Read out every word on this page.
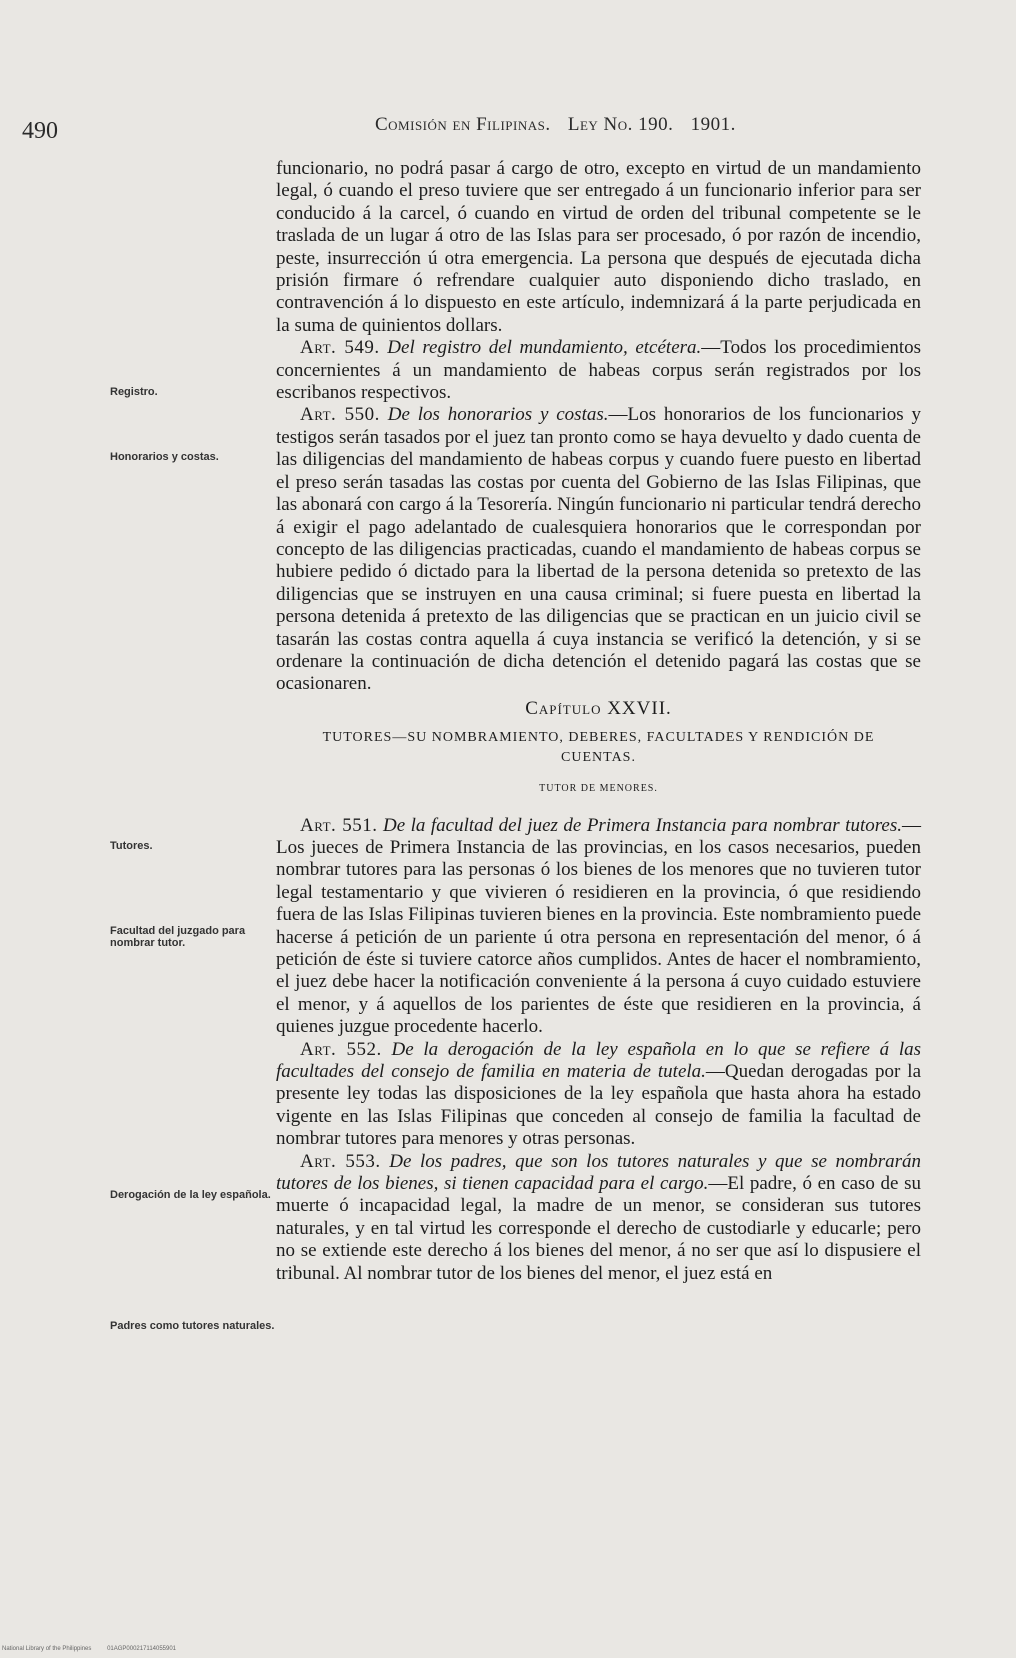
490	Comisión en Filipinas. Ley No. 190. 1901.
Registro.
Honorarios y costas.
Tutores.
Facultad del juzgado para nombrar tutor.
Derogación de la ley española.
Padres como tutores naturales.

funcionario, no podrá pasar á cargo de otro, excepto en virtud de un mandamiento legal, ó cuando el preso tuviere que ser entregado á un funcionario inferior para ser conducido á la carcel, ó cuando en virtud de orden del tribunal competente se le traslada de un lugar á otro de las Islas para ser procesado, ó por razón de incendio, peste, insurrección ú otra emergencia. La persona que después de ejecutada dicha prisión firmare ó refrendare cualquier auto disponiendo dicho traslado, en contravención á lo dispuesto en este artículo, indemnizará á la parte perjudicada en la suma de quinientos dollars.

Art. 549. Del registro del mundamiento, etcétera.—Todos los procedimientos concernientes á un mandamiento de habeas corpus serán registrados por los escribanos respectivos.

Art. 550. De los honorarios y costas.—Los honorarios de los funcionarios y testigos serán tasados por el juez tan pronto como se haya devuelto y dado cuenta de las diligencias del mandamiento de habeas corpus y cuando fuere puesto en libertad el preso serán tasadas las costas por cuenta del Gobierno de las Islas Filipinas, que las abonará con cargo á la Tesorería. Ningún funcionario ni particular tendrá derecho á exigir el pago adelantado de cualesquiera honorarios que le correspondan por concepto de las diligencias practicadas, cuando el mandamiento de habeas corpus se hubiere pedido ó dictado para la libertad de la persona detenida so pretexto de las diligencias que se instruyen en una causa criminal; si fuere puesta en libertad la persona detenida á pretexto de las diligencias que se practican en un juicio civil se tasarán las costas contra aquella á cuya instancia se verificó la detención, y si se ordenare la continuación de dicha detención el detenido pagará las costas que se ocasionaren.

Capítulo XXVII.
TUTORES—SU NOMBRAMIENTO, DEBERES, FACULTADES Y RENDICIÓN DE CUENTAS.
TUTOR DE MENORES.

Art. 551. De la facultad del juez de Primera Instancia para nombrar tutores.—Los jueces de Primera Instancia de las provincias, en los casos necesarios, pueden nombrar tutores para las personas ó los bienes de los menores que no tuvieren tutor legal testamentario y que vivieren ó residieren en la provincia, ó que residiendo fuera de las Islas Filipinas tuvieren bienes en la provincia. Este nombramiento puede hacerse á petición de un pariente ú otra persona en representación del menor, ó á petición de éste si tuviere catorce años cumplidos. Antes de hacer el nombramiento, el juez debe hacer la notificación conveniente á la persona á cuyo cuidado estuviere el menor, y á aquellos de los parientes de éste que residieren en la provincia, á quienes juzgue procedente hacerlo.

Art. 552. De la derogación de la ley española en lo que se refiere á las facultades del consejo de familia en materia de tutela.—Quedan derogadas por la presente ley todas las disposiciones de la ley española que hasta ahora ha estado vigente en las Islas Filipinas que conceden al consejo de familia la facultad de nombrar tutores para menores y otras personas.

Art. 553. De los padres, que son los tutores naturales y que se nombrarán tutores de los bienes, si tienen capacidad para el cargo.—El padre, ó en caso de su muerte ó incapacidad legal, la madre de un menor, se consideran sus tutores naturales, y en tal virtud les corresponde el derecho de custodiarle y educarle; pero no se extiende este derecho á los bienes del menor, á no ser que así lo dispusiere el tribunal. Al nombrar tutor de los bienes del menor, el juez está en

National Library of the Philippines	01AGP000217114055901
